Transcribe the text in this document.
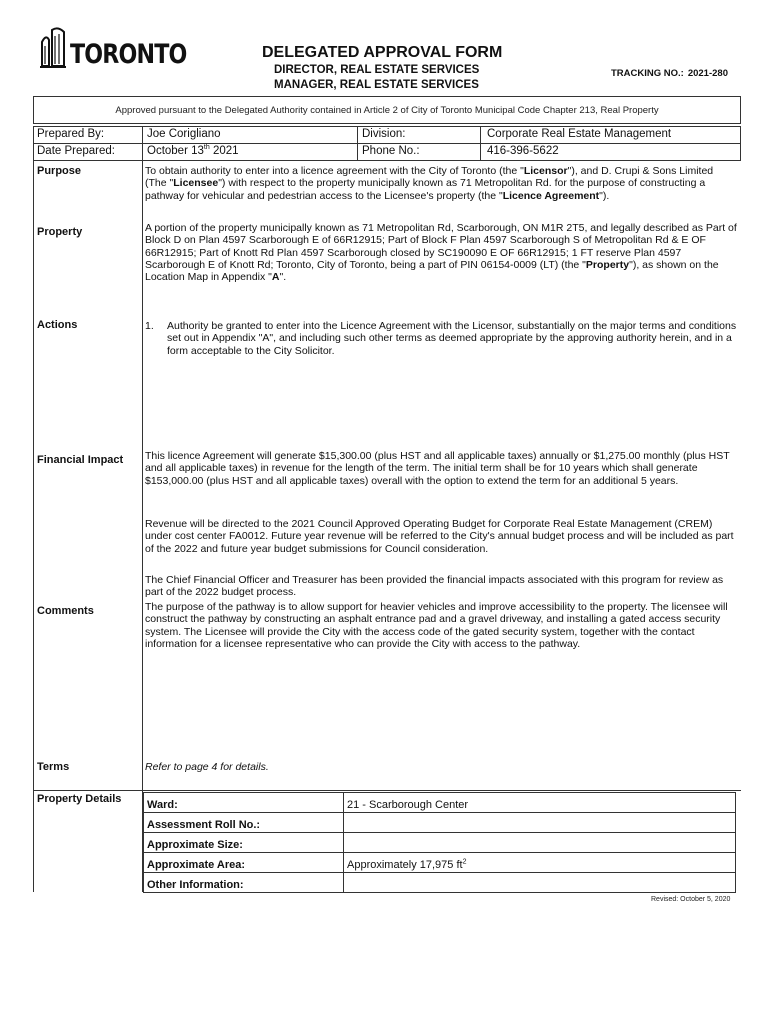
TORONTO	DELEGATED APPROVAL FORM
DIRECTOR, REAL ESTATE SERVICES
MANAGER, REAL ESTATE SERVICES
TRACKING NO.: 2021-280
Approved pursuant to the Delegated Authority contained in Article 2 of City of Toronto Municipal Code Chapter 213, Real Property
Prepared By:	Joe Corigliano	Division:	Corporate Real Estate Management
Date Prepared:	October 13th 2021	Phone No.:	416-396-5622
Purpose	To obtain authority to enter into a licence agreement with the City of Toronto (the "Licensor"), and D. Crupi & Sons Limited (The "Licensee") with respect to the property municipally known as 71 Metropolitan Rd. for the purpose of constructing a pathway for vehicular and pedestrian access to the Licensee's property (the "Licence Agreement").
Property	A portion of the property municipally known as 71 Metropolitan Rd, Scarborough, ON M1R 2T5, and legally described as Part of Block D on Plan 4597 Scarborough E of 66R12915; Part of Block F Plan 4597 Scarborough S of Metropolitan Rd & E OF 66R12915; Part of Knott Rd Plan 4597 Scarborough closed by SC190090 E OF 66R12915; 1 FT reserve Plan 4597 Scarborough E of Knott Rd; Toronto, City of Toronto, being a part of PIN 06154-0009 (LT) (the "Property"), as shown on the Location Map in Appendix "A".
Actions	1. Authority be granted to enter into the Licence Agreement with the Licensor, substantially on the major terms and conditions set out in Appendix "A", and including such other terms as deemed appropriate by the approving authority herein, and in a form acceptable to the City Solicitor.
Financial Impact This licence Agreement will generate $15,300.00 (plus HST and all applicable taxes) annually or $1,275.00 monthly (plus HST and all applicable taxes) in revenue for the length of the term. The initial term shall be for 10 years which shall generate $153,000.00 (plus HST and all applicable taxes) overall with the option to extend the term for an additional 5 years.
Revenue will be directed to the 2021 Council Approved Operating Budget for Corporate Real Estate Management (CREM) under cost center FA0012. Future year revenue will be referred to the City's annual budget process and will be included as part of the 2022 and future year budget submissions for Council consideration.
The Chief Financial Officer and Treasurer has been provided the financial impacts associated with this program for review as part of the 2022 budget process.
Comments	The purpose of the pathway is to allow support for heavier vehicles and improve accessibility to the property. The licensee will construct the pathway by constructing an asphalt entrance pad and a gravel driveway, and installing a gated access security system. The Licensee will provide the City with the access code of the gated security system, together with the contact information for a licensee representative who can provide the City with access to the pathway.
Terms	Refer to page 4 for details.
Property Details Ward:	21 - Scarborough Center
Assessment Roll No.:	
Approximate Size:	
Approximate Area:	Approximately 17,975 $ft^2$
Other Information:	
Revised: October 5, 2020
